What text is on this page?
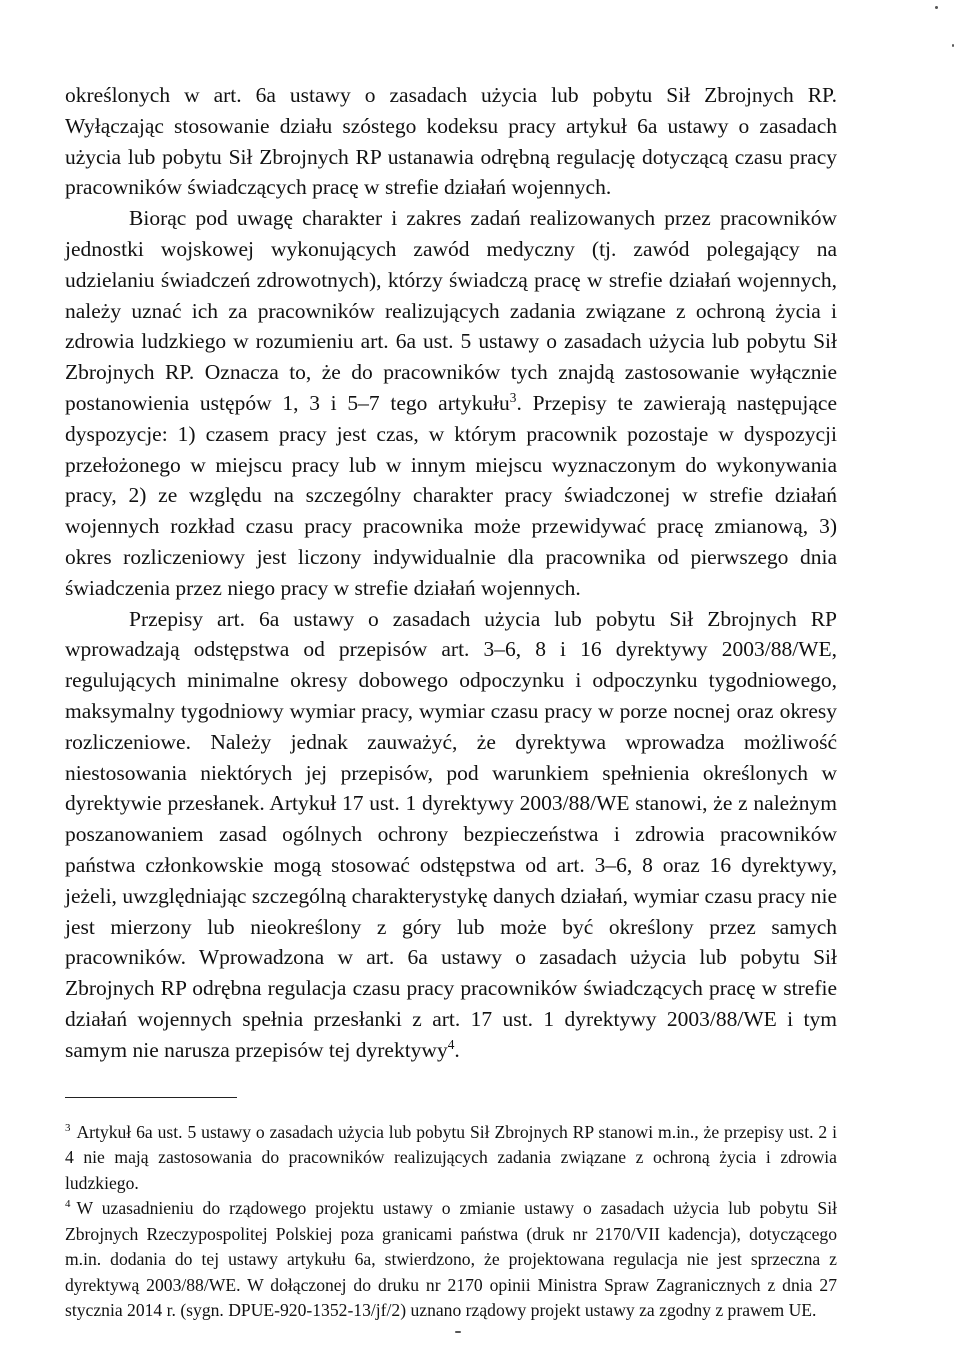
określonych w art. 6a ustawy o zasadach użycia lub pobytu Sił Zbrojnych RP. Wyłączając stosowanie działu szóstego kodeksu pracy artykuł 6a ustawy o zasadach użycia lub pobytu Sił Zbrojnych RP ustanawia odrębną regulację dotyczącą czasu pracy pracowników świadczących pracę w strefie działań wojennych.

Biorąc pod uwagę charakter i zakres zadań realizowanych przez pracowników jednostki wojskowej wykonujących zawód medyczny (tj. zawód polegający na udzielaniu świadczeń zdrowotnych), którzy świadczą pracę w strefie działań wojennych, należy uznać ich za pracowników realizujących zadania związane z ochroną życia i zdrowia ludzkiego w rozumieniu art. 6a ust. 5 ustawy o zasadach użycia lub pobytu Sił Zbrojnych RP. Oznacza to, że do pracowników tych znajdą zastosowanie wyłącznie postanowienia ustępów 1, 3 i 5–7 tego artykułu$^3$. Przepisy te zawierają następujące dyspozycje: 1) czasem pracy jest czas, w którym pracownik pozostaje w dyspozycji przełożonego w miejscu pracy lub w innym miejscu wyznaczonym do wykonywania pracy, 2) ze względu na szczególny charakter pracy świadczonej w strefie działań wojennych rozkład czasu pracy pracownika może przewidywać pracę zmianową, 3) okres rozliczeniowy jest liczony indywidualnie dla pracownika od pierwszego dnia świadczenia przez niego pracy w strefie działań wojennych.

Przepisy art. 6a ustawy o zasadach użycia lub pobytu Sił Zbrojnych RP wprowadzają odstępstwa od przepisów art. 3–6, 8 i 16 dyrektywy 2003/88/WE, regulujących minimalne okresy dobowego odpoczynku i odpoczynku tygodniowego, maksymalny tygodniowy wymiar pracy, wymiar czasu pracy w porze nocnej oraz okresy rozliczeniowe. Należy jednak zauważyć, że dyrektywa wprowadza możliwość niestosowania niektórych jej przepisów, pod warunkiem spełnienia określonych w dyrektywie przesłanek. Artykuł 17 ust. 1 dyrektywy 2003/88/WE stanowi, że z należnym poszanowaniem zasad ogólnych ochrony bezpieczeństwa i zdrowia pracowników państwa członkowskie mogą stosować odstępstwa od art. 3–6, 8 oraz 16 dyrektywy, jeżeli, uwzględniając szczególną charakterystykę danych działań, wymiar czasu pracy nie jest mierzony lub nieokreślony z góry lub może być określony przez samych pracowników. Wprowadzona w art. 6a ustawy o zasadach użycia lub pobytu Sił Zbrojnych RP odrębna regulacja czasu pracy pracowników świadczących pracę w strefie działań wojennych spełnia przesłanki z art. 17 ust. 1 dyrektywy 2003/88/WE i tym samym nie narusza przepisów tej dyrektywy$^4$.

$^3$ Artykuł 6a ust. 5 ustawy o zasadach użycia lub pobytu Sił Zbrojnych RP stanowi m.in., że przepisy ust. 2 i 4 nie mają zastosowania do pracowników realizujących zadania związane z ochroną życia i zdrowia ludzkiego.

$^4$ W uzasadnieniu do rządowego projektu ustawy o zmianie ustawy o zasadach użycia lub pobytu Sił Zbrojnych Rzeczypospolitej Polskiej poza granicami państwa (druk nr 2170/VII kadencja), dotyczącego m.in. dodania do tej ustawy artykułu 6a, stwierdzono, że projektowana regulacja nie jest sprzeczna z dyrektywą 2003/88/WE. W dołączonej do druku nr 2170 opinii Ministra Spraw Zagranicznych z dnia 27 stycznia 2014 r. (sygn. DPUE-920-1352-13/jf/2) uznano rządowy projekt ustawy za zgodny z prawem UE.
